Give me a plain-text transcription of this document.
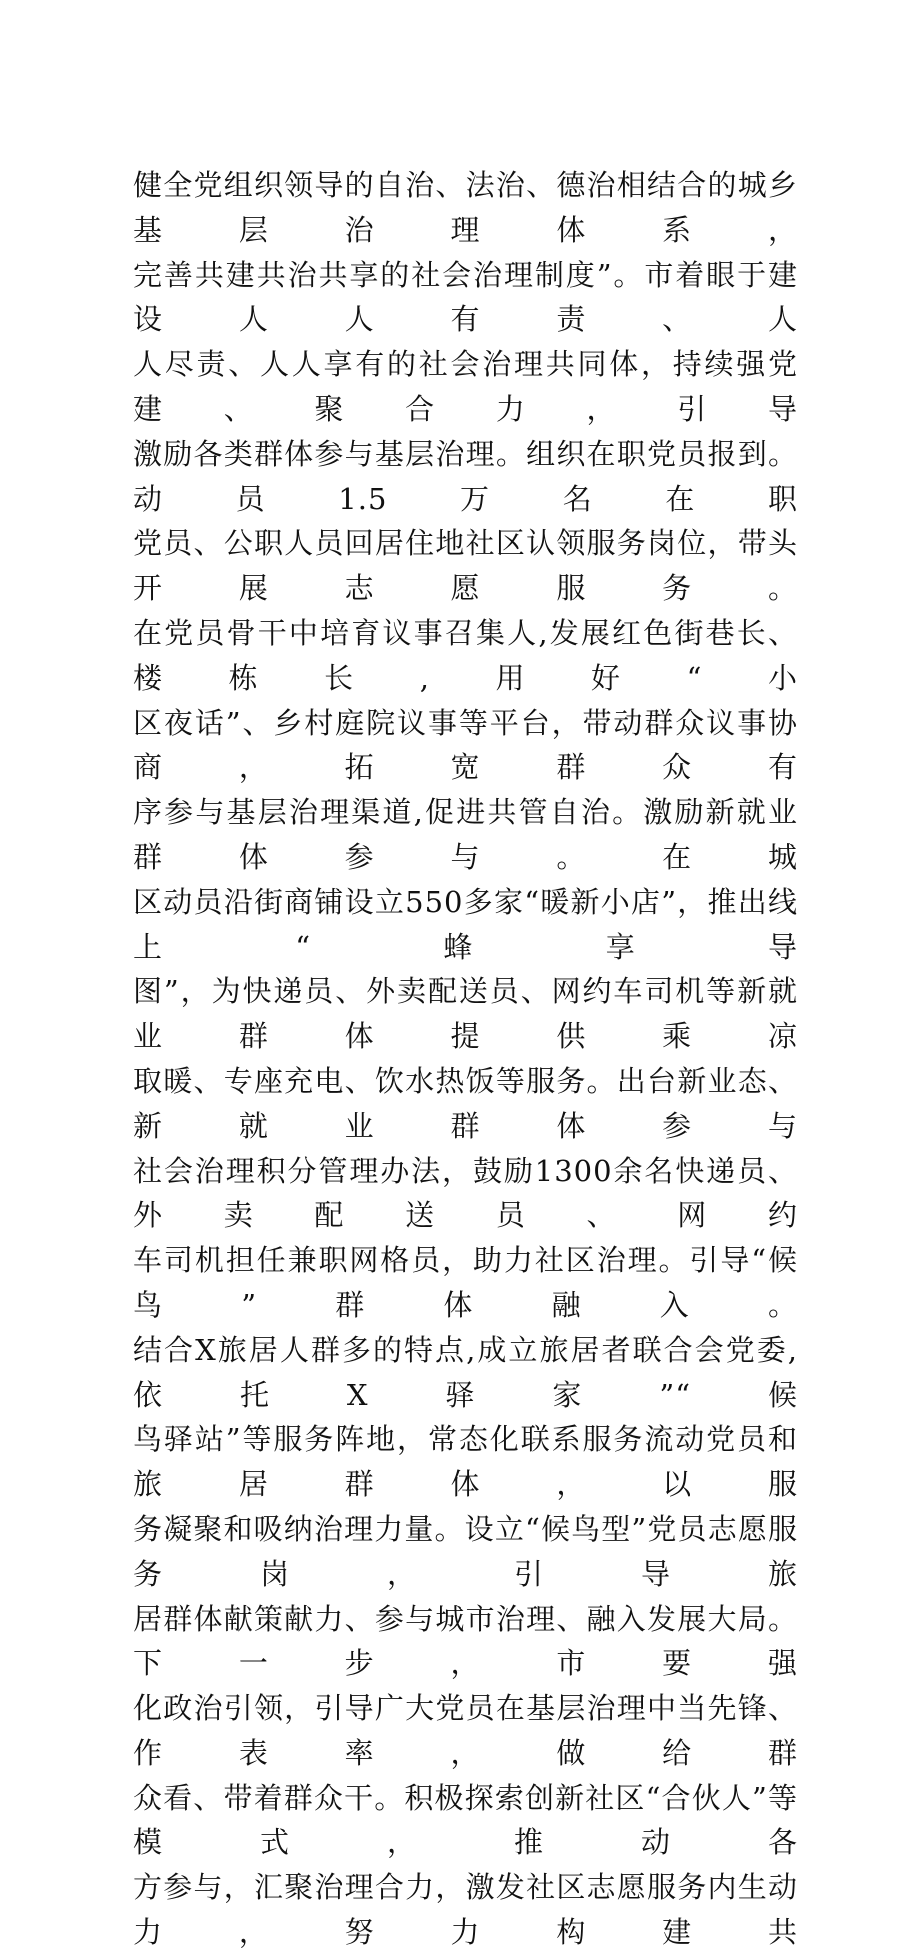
健全党组织领导的自治、法治、德治相结合的城乡基层治理体系，
完善共建共治共享的社会治理制度”。市着眼于建设人人有责、人
人尽责、人人享有的社会治理共同体，持续强党建、聚合力，引导
激励各类群体参与基层治理。组织在职党员报到。动员1.5万名在职
党员、公职人员回居住地社区认领服务岗位，带头开展志愿服务。
在党员骨干中培育议事召集人,发展红色街巷长、楼栋长,用好“小
区夜话”、乡村庭院议事等平台，带动群众议事协商，拓宽群众有
序参与基层治理渠道,促进共管自治。激励新就业群体参与。在城
区动员沿街商铺设立550多家“暖新小店”，推出线上“蜂享导
图”，为快递员、外卖配送员、网约车司机等新就业群体提供乘凉
取暖、专座充电、饮水热饭等服务。出台新业态、新就业群体参与
社会治理积分管理办法，鼓励1300余名快递员、外卖配送员、网约
车司机担任兼职网格员，助力社区治理。引导“候鸟”群体融入。
结合X旅居人群多的特点,成立旅居者联合会党委,依托X驿家”“候
鸟驿站”等服务阵地，常态化联系服务流动党员和旅居群体，以服
务凝聚和吸纳治理力量。设立“候鸟型”党员志愿服务岗，引导旅
居群体献策献力、参与城市治理、融入发展大局。下一步，市要强
化政治引领，引导广大党员在基层治理中当先锋、作表率，做给群
众看、带着群众干。积极探索创新社区“合伙人”等模式，推动各
方参与，汇聚治理合力，激发社区志愿服务内生动力，努力构建共
